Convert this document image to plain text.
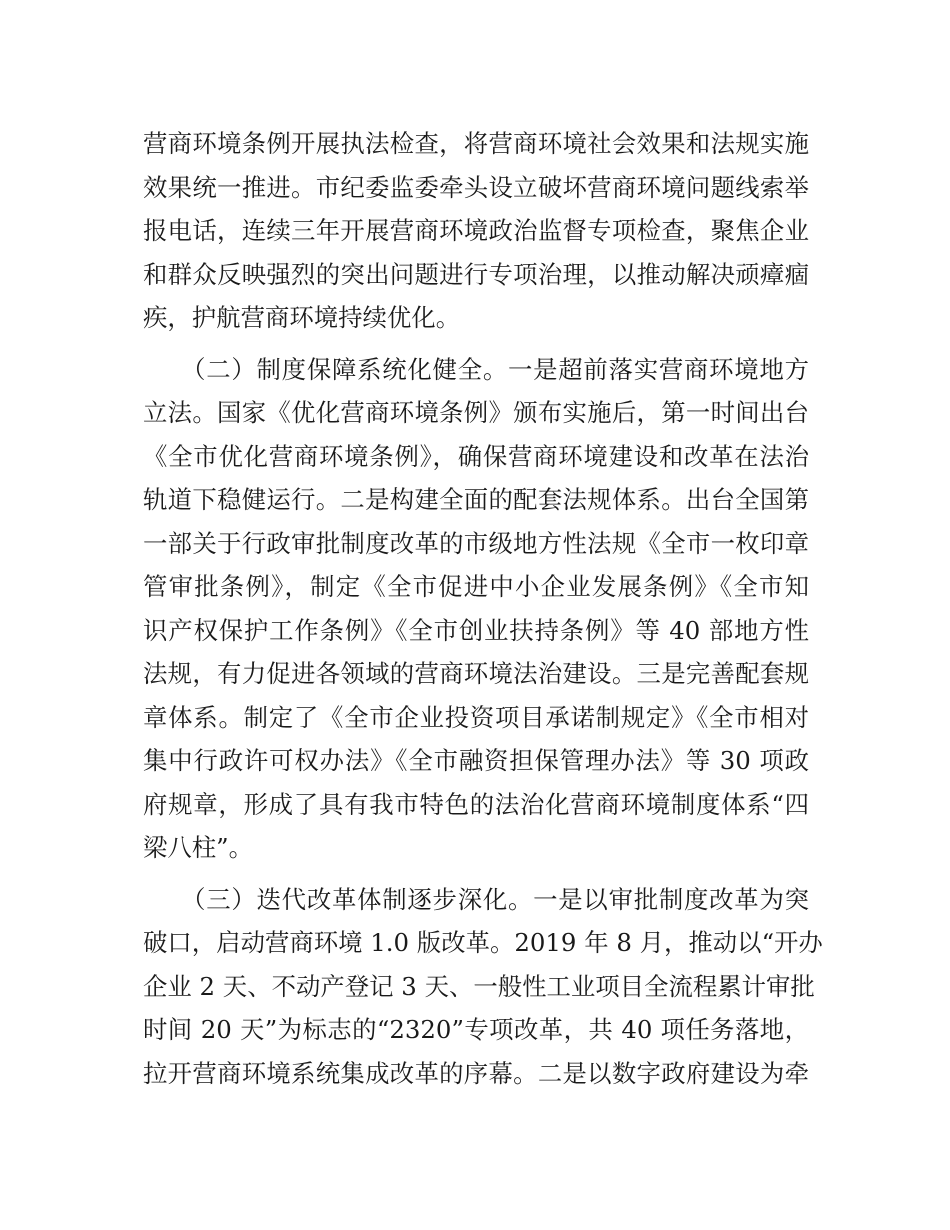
营商环境条例开展执法检查，将营商环境社会效果和法规实施
效果统一推进。市纪委监委牵头设立破坏营商环境问题线索举
报电话，连续三年开展营商环境政治监督专项检查，聚焦企业
和群众反映强烈的突出问题进行专项治理，以推动解决顽瘴痼
疾，护航营商环境持续优化。
　　（二）制度保障系统化健全。一是超前落实营商环境地方
立法。国家《优化营商环境条例》颁布实施后，第一时间出台
《全市优化营商环境条例》，确保营商环境建设和改革在法治
轨道下稳健运行。二是构建全面的配套法规体系。出台全国第
一部关于行政审批制度改革的市级地方性法规《全市一枚印章
管审批条例》，制定《全市促进中小企业发展条例》《全市知
识产权保护工作条例》《全市创业扶持条例》等 40 部地方性
法规，有力促进各领域的营商环境法治建设。三是完善配套规
章体系。制定了《全市企业投资项目承诺制规定》《全市相对
集中行政许可权办法》《全市融资担保管理办法》等 30 项政
府规章，形成了具有我市特色的法治化营商环境制度体系“四
梁八柱”。
　　（三）迭代改革体制逐步深化。一是以审批制度改革为突
破口，启动营商环境 1.0 版改革。2019 年 8 月，推动以“开办
企业 2 天、不动产登记 3 天、一般性工业项目全流程累计审批
时间 20 天”为标志的“2320”专项改革，共 40 项任务落地，
拉开营商环境系统集成改革的序幕。二是以数字政府建设为牵
